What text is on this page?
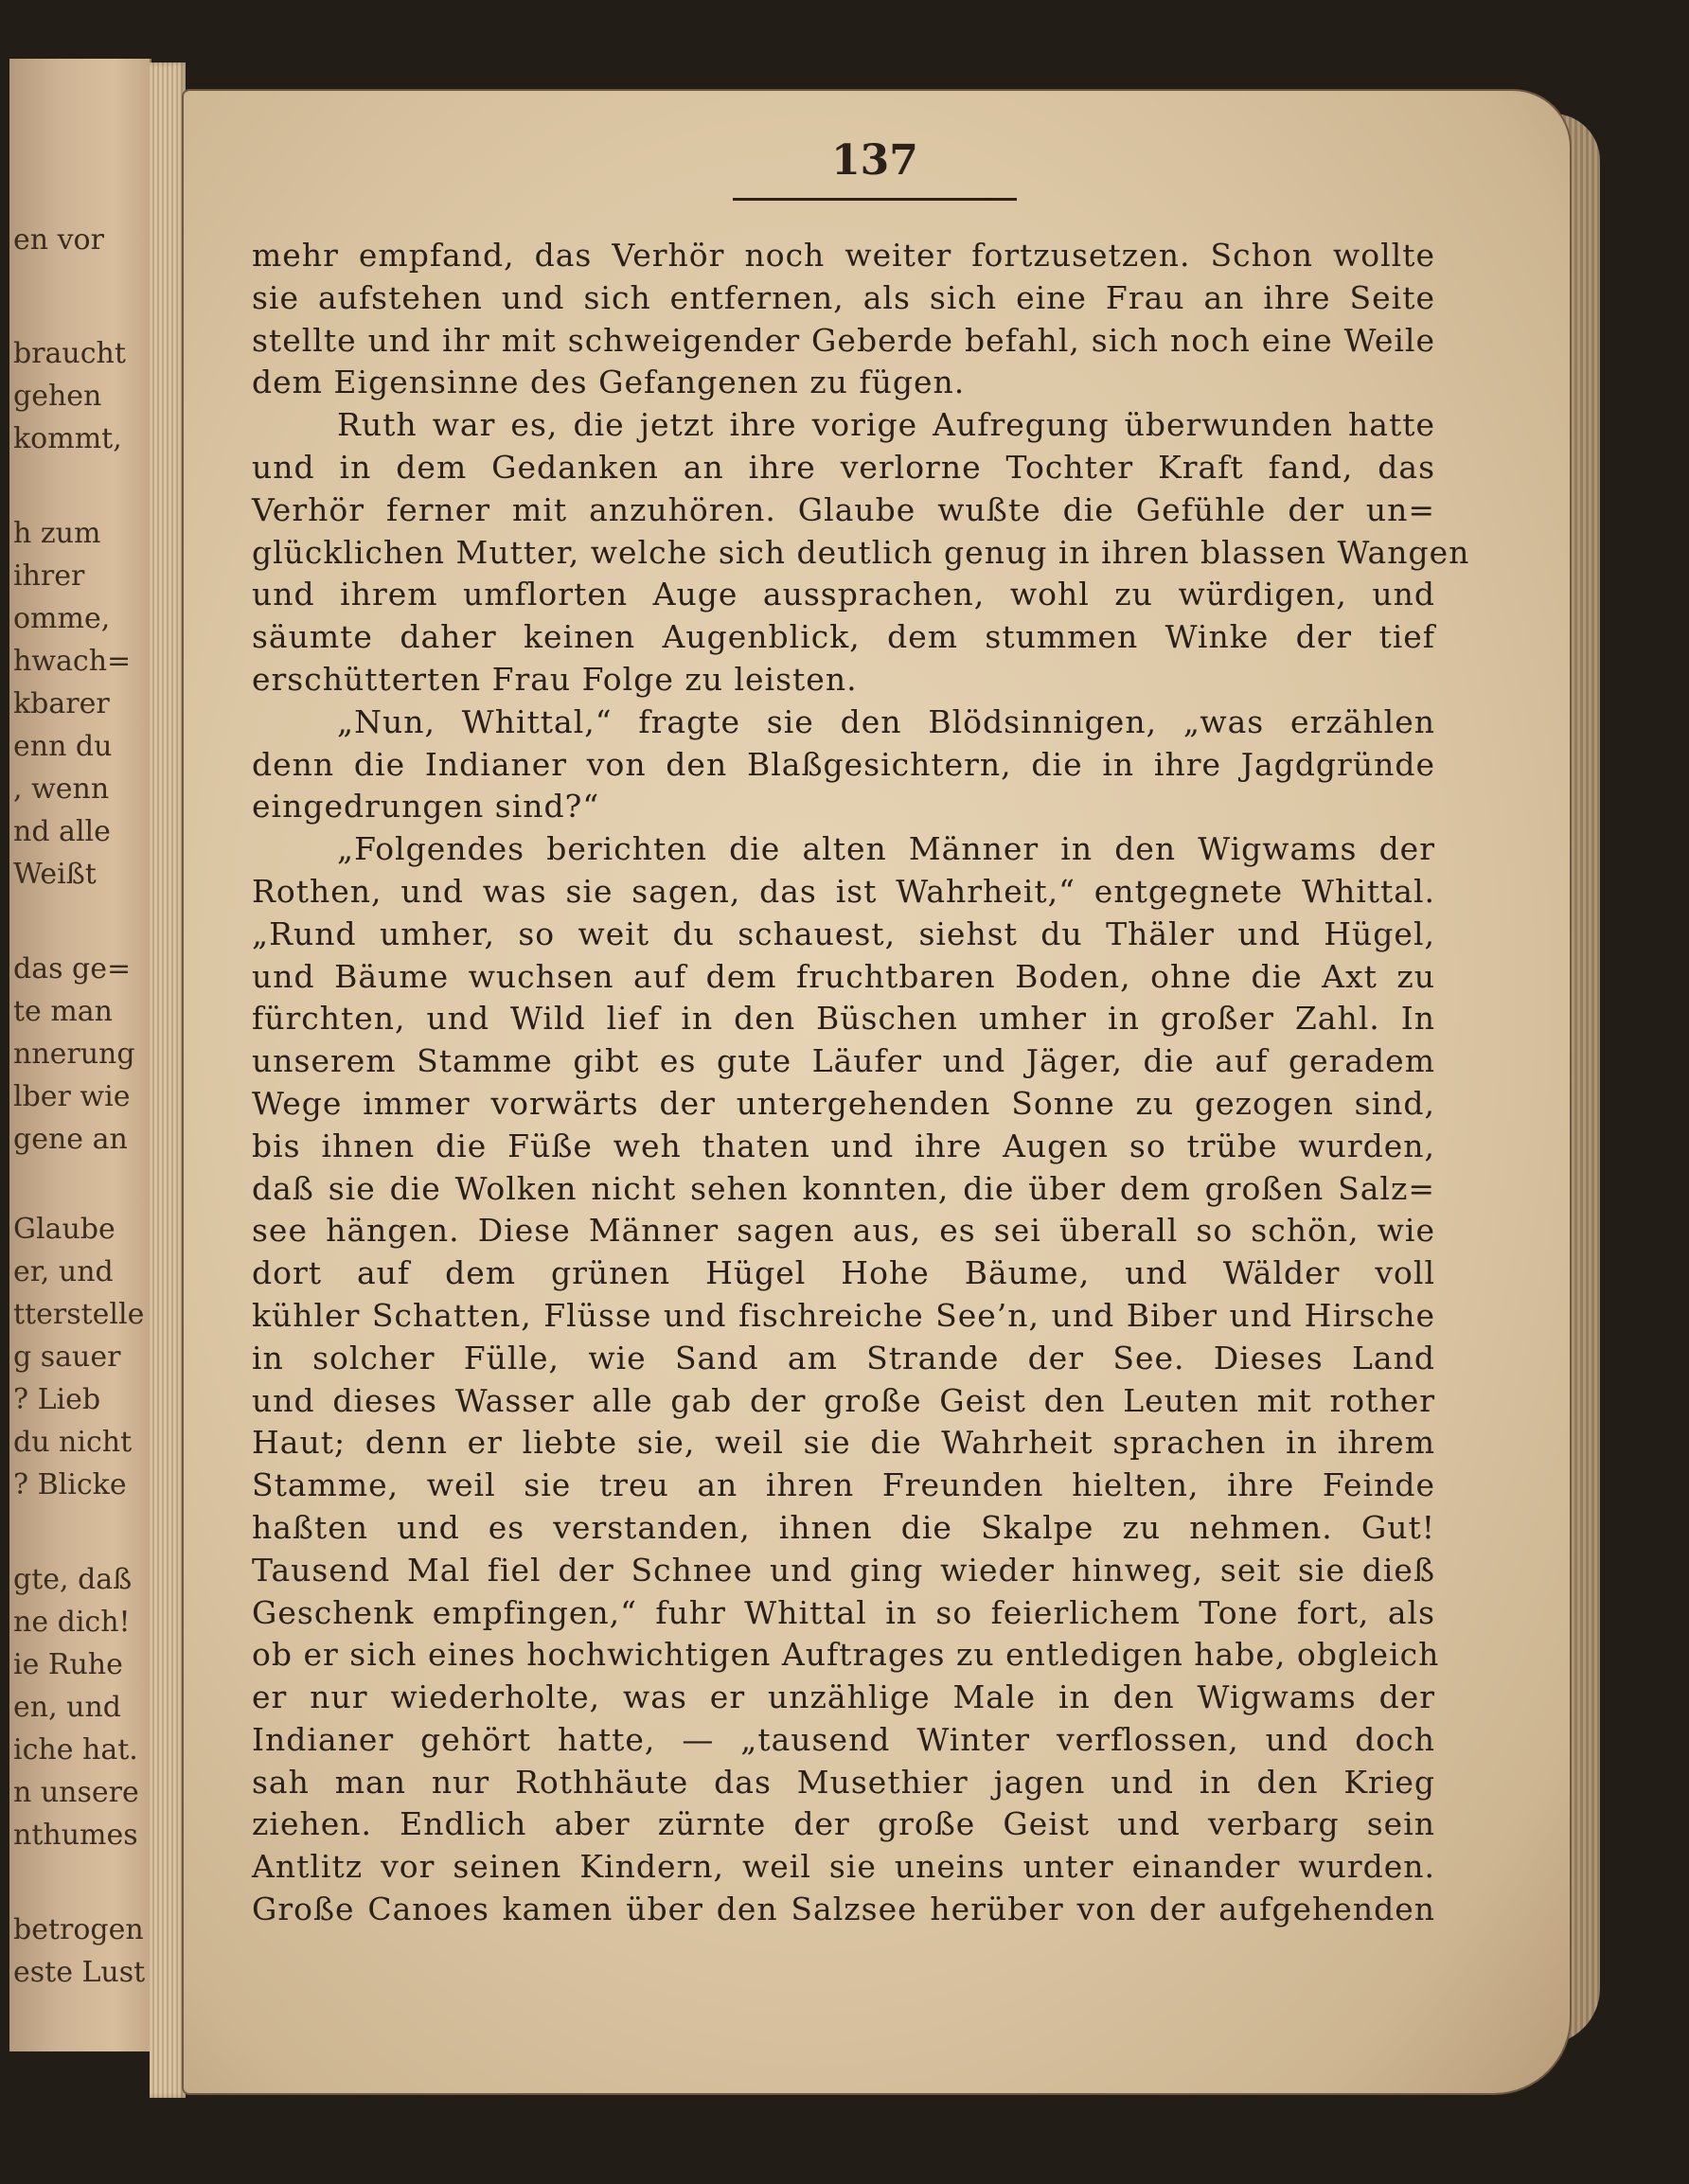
en vor
braucht
gehen
kommt,
h zum
ihrer
omme,
hwach=
kbarer
enn du
, wenn
nd alle
Weißt
das ge=
te man
nnerung
lber wie
gene an
Glaube
er, und
tterstelle
g sauer
? Lieb
du nicht
? Blicke
gte, daß
ne dich!
ie Ruhe
en, und
iche hat.
n unsere
nthumes
betrogen
este Lust
137
mehr empfand, das Verhör noch weiter fortzusetzen. Schon wollte
sie aufstehen und sich entfernen, als sich eine Frau an ihre Seite
stellte und ihr mit schweigender Geberde befahl, sich noch eine Weile
dem Eigensinne des Gefangenen zu fügen.
Ruth war es, die jetzt ihre vorige Aufregung überwunden hatte
und in dem Gedanken an ihre verlorne Tochter Kraft fand, das
Verhör ferner mit anzuhören. Glaube wußte die Gefühle der un=
glücklichen Mutter, welche sich deutlich genug in ihren blassen Wangen
und ihrem umflorten Auge aussprachen, wohl zu würdigen, und
säumte daher keinen Augenblick, dem stummen Winke der tief
erschütterten Frau Folge zu leisten.
„Nun, Whittal,“ fragte sie den Blödsinnigen, „was erzählen
denn die Indianer von den Blaßgesichtern, die in ihre Jagdgründe
eingedrungen sind?“
„Folgendes berichten die alten Männer in den Wigwams der
Rothen, und was sie sagen, das ist Wahrheit,“ entgegnete Whittal.
„Rund umher, so weit du schauest, siehst du Thäler und Hügel,
und Bäume wuchsen auf dem fruchtbaren Boden, ohne die Axt zu
fürchten, und Wild lief in den Büschen umher in großer Zahl. In
unserem Stamme gibt es gute Läufer und Jäger, die auf geradem
Wege immer vorwärts der untergehenden Sonne zu gezogen sind,
bis ihnen die Füße weh thaten und ihre Augen so trübe wurden,
daß sie die Wolken nicht sehen konnten, die über dem großen Salz=
see hängen. Diese Männer sagen aus, es sei überall so schön, wie
dort auf dem grünen Hügel Hohe Bäume, und Wälder voll
kühler Schatten, Flüsse und fischreiche See’n, und Biber und Hirsche
in solcher Fülle, wie Sand am Strande der See. Dieses Land
und dieses Wasser alle gab der große Geist den Leuten mit rother
Haut; denn er liebte sie, weil sie die Wahrheit sprachen in ihrem
Stamme, weil sie treu an ihren Freunden hielten, ihre Feinde
haßten und es verstanden, ihnen die Skalpe zu nehmen. Gut!
Tausend Mal fiel der Schnee und ging wieder hinweg, seit sie dieß
Geschenk empfingen,“ fuhr Whittal in so feierlichem Tone fort, als
ob er sich eines hochwichtigen Auftrages zu entledigen habe, obgleich
er nur wiederholte, was er unzählige Male in den Wigwams der
Indianer gehört hatte, — „tausend Winter verflossen, und doch
sah man nur Rothhäute das Musethier jagen und in den Krieg
ziehen. Endlich aber zürnte der große Geist und verbarg sein
Antlitz vor seinen Kindern, weil sie uneins unter einander wurden.
Große Canoes kamen über den Salzsee herüber von der aufgehenden
